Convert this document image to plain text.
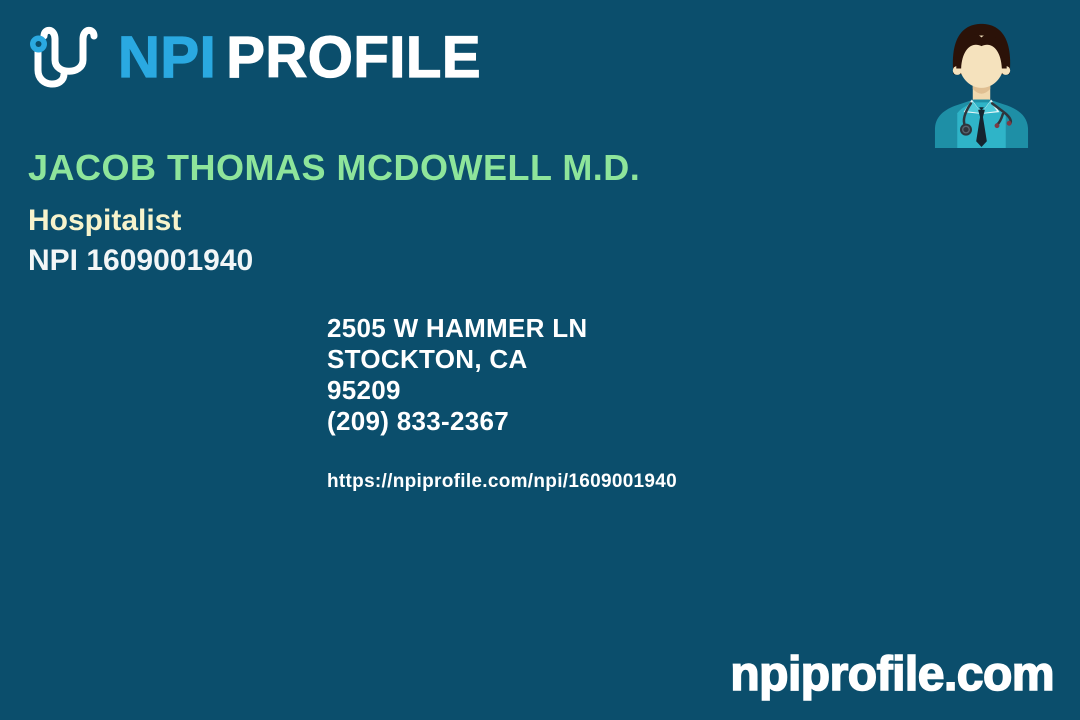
NPI PROFILE
JACOB THOMAS MCDOWELL M.D.
Hospitalist
NPI 1609001940
2505 W HAMMER LN
STOCKTON, CA
95209
(209) 833-2367
https://npiprofile.com/npi/1609001940
npiprofile.com
